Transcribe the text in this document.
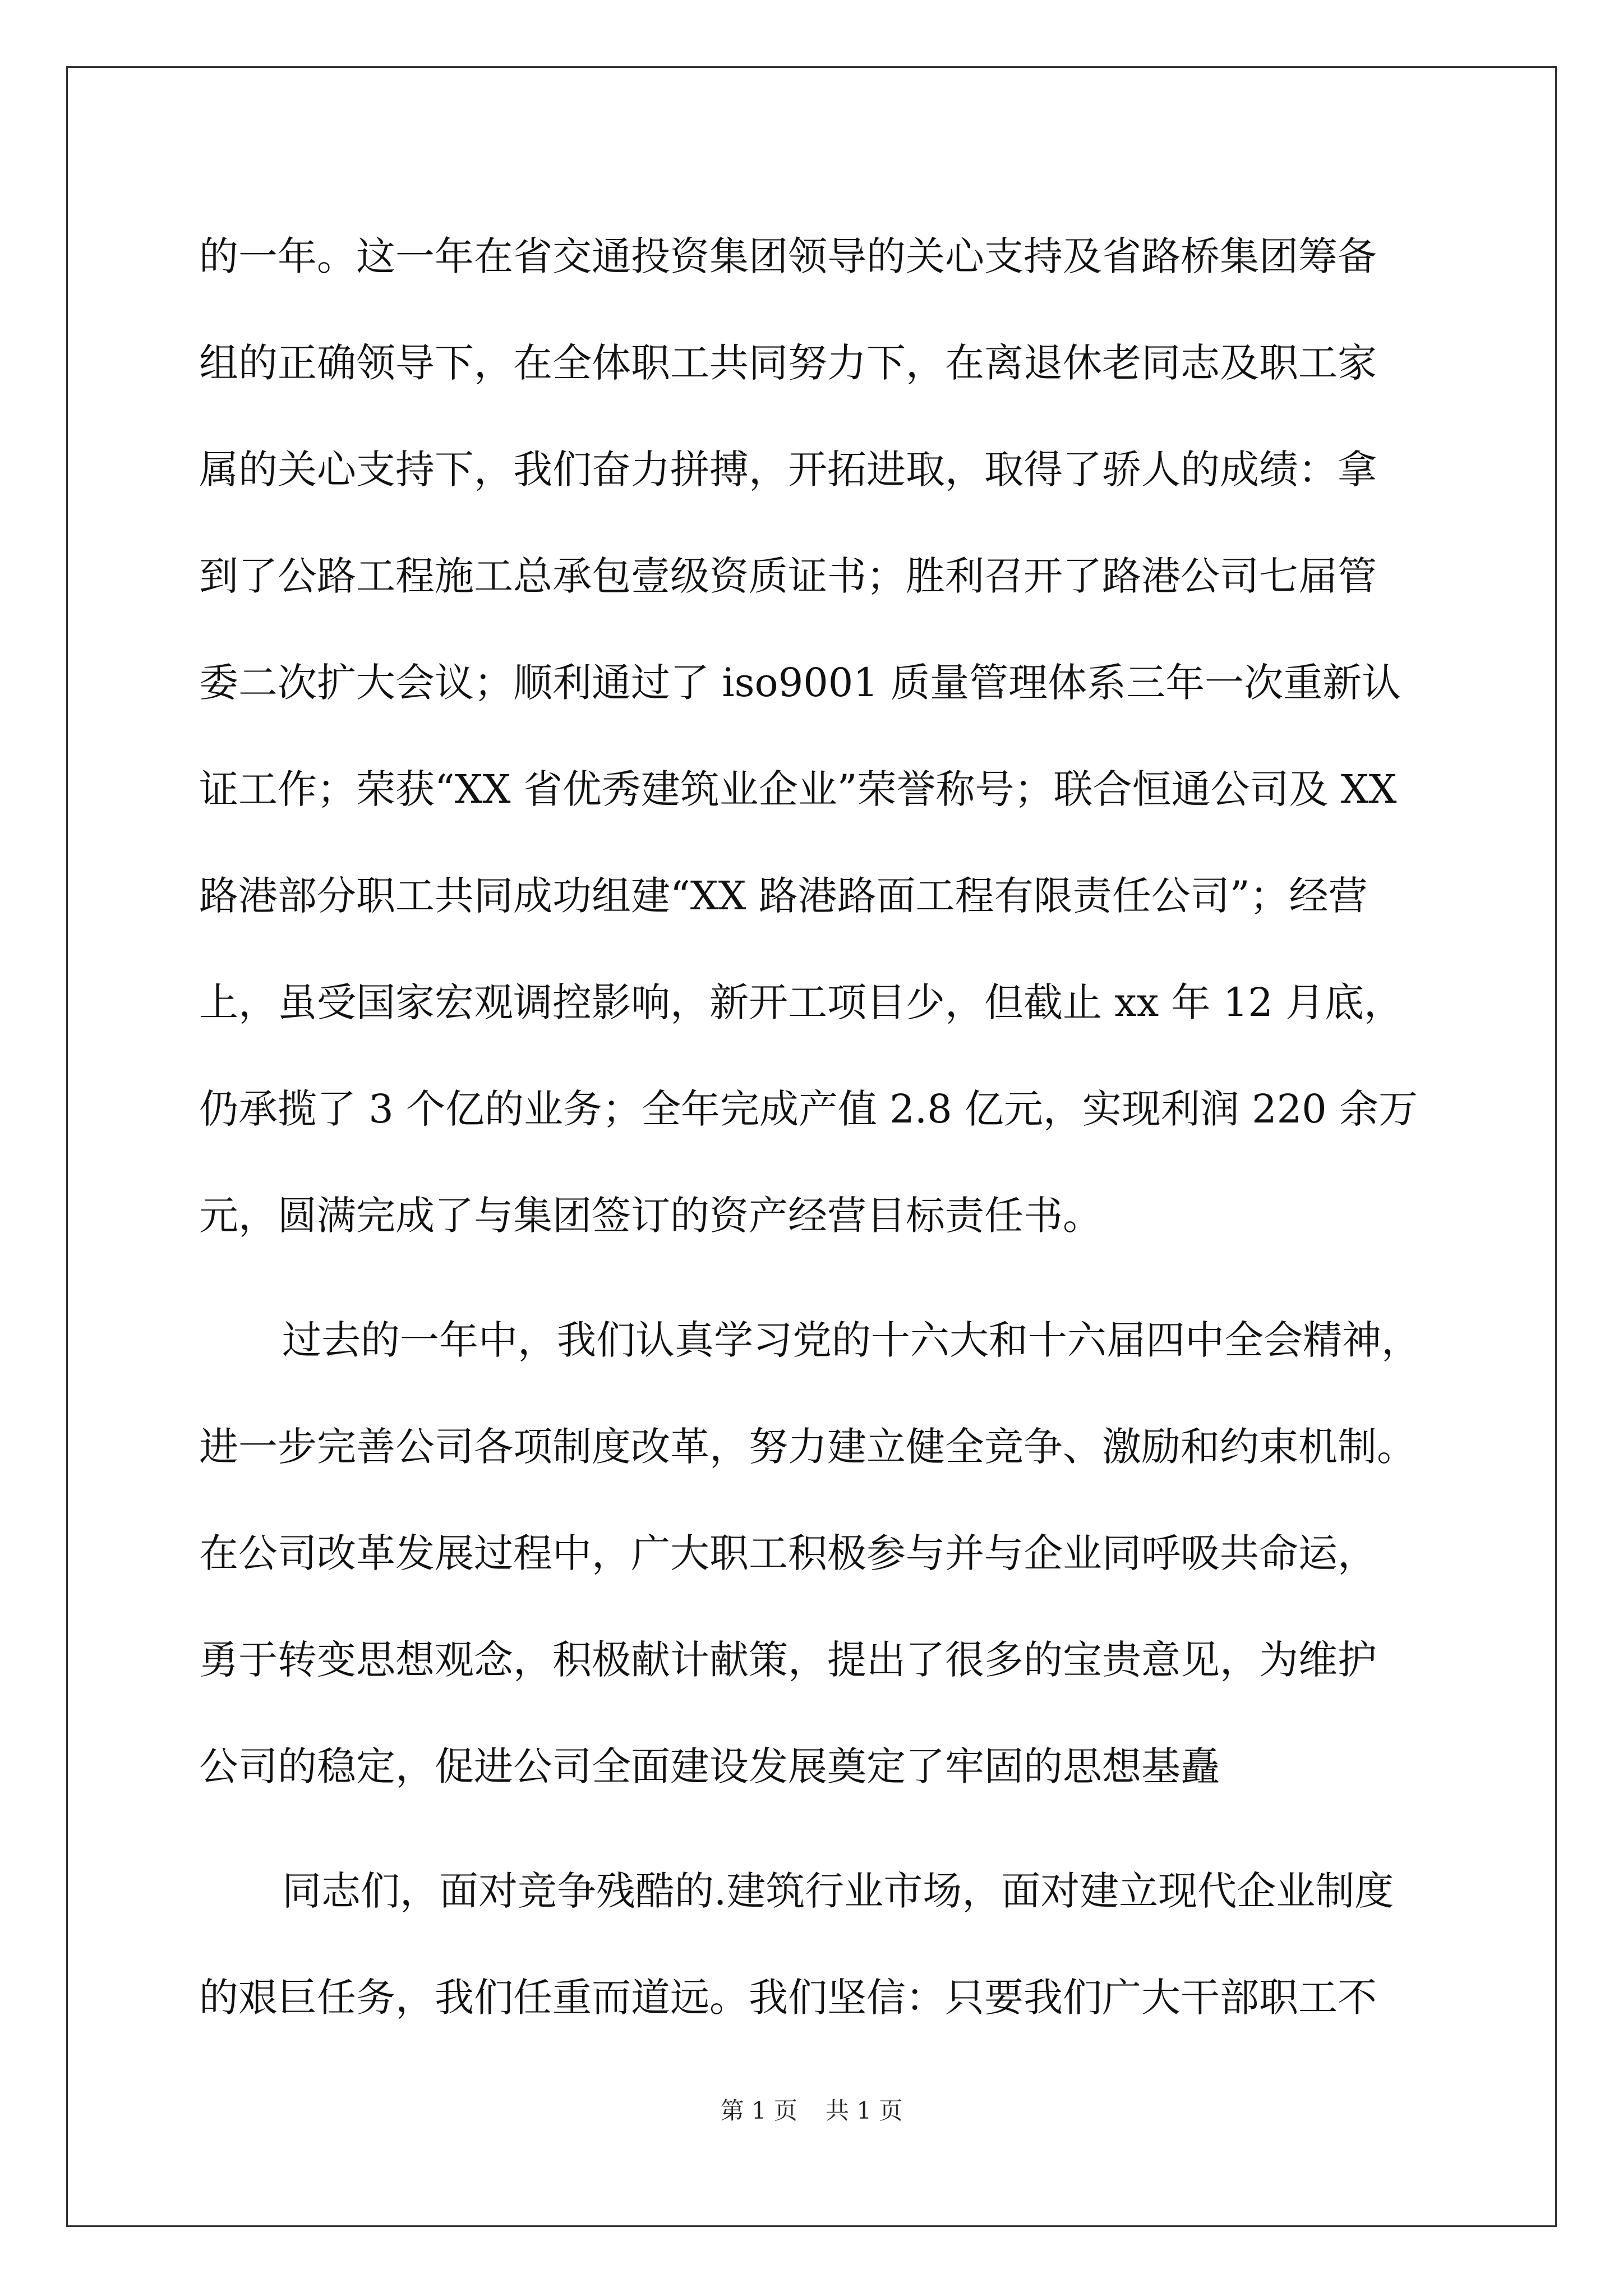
的一年。这一年在省交通投资集团领导的关心支持及省路桥集团筹备
组的正确领导下，在全体职工共同努力下，在离退休老同志及职工家
属的关心支持下，我们奋力拼搏，开拓进取，取得了骄人的成绩：拿
到了公路工程施工总承包壹级资质证书；胜利召开了路港公司七届管
委二次扩大会议；顺利通过了 iso9001 质量管理体系三年一次重新认
证工作；荣获“XX 省优秀建筑业企业”荣誉称号；联合恒通公司及 XX
路港部分职工共同成功组建“XX 路港路面工程有限责任公司”；经营
上，虽受国家宏观调控影响，新开工项目少，但截止 xx 年 12 月底，
仍承揽了 3 个亿的业务；全年完成产值 2.8 亿元，实现利润 220 余万
元，圆满完成了与集团签订的资产经营目标责任书。
过去的一年中，我们认真学习党的十六大和十六届四中全会精神，
进一步完善公司各项制度改革，努力建立健全竞争、激励和约束机制。
在公司改革发展过程中，广大职工积极参与并与企业同呼吸共命运，
勇于转变思想观念，积极献计献策，提出了很多的宝贵意见，为维护
公司的稳定，促进公司全面建设发展奠定了牢固的思想基矗
同志们，面对竞争残酷的.建筑行业市场，面对建立现代企业制度
的艰巨任务，我们任重而道远。我们坚信：只要我们广大干部职工不
第 1 页 共 1 页
